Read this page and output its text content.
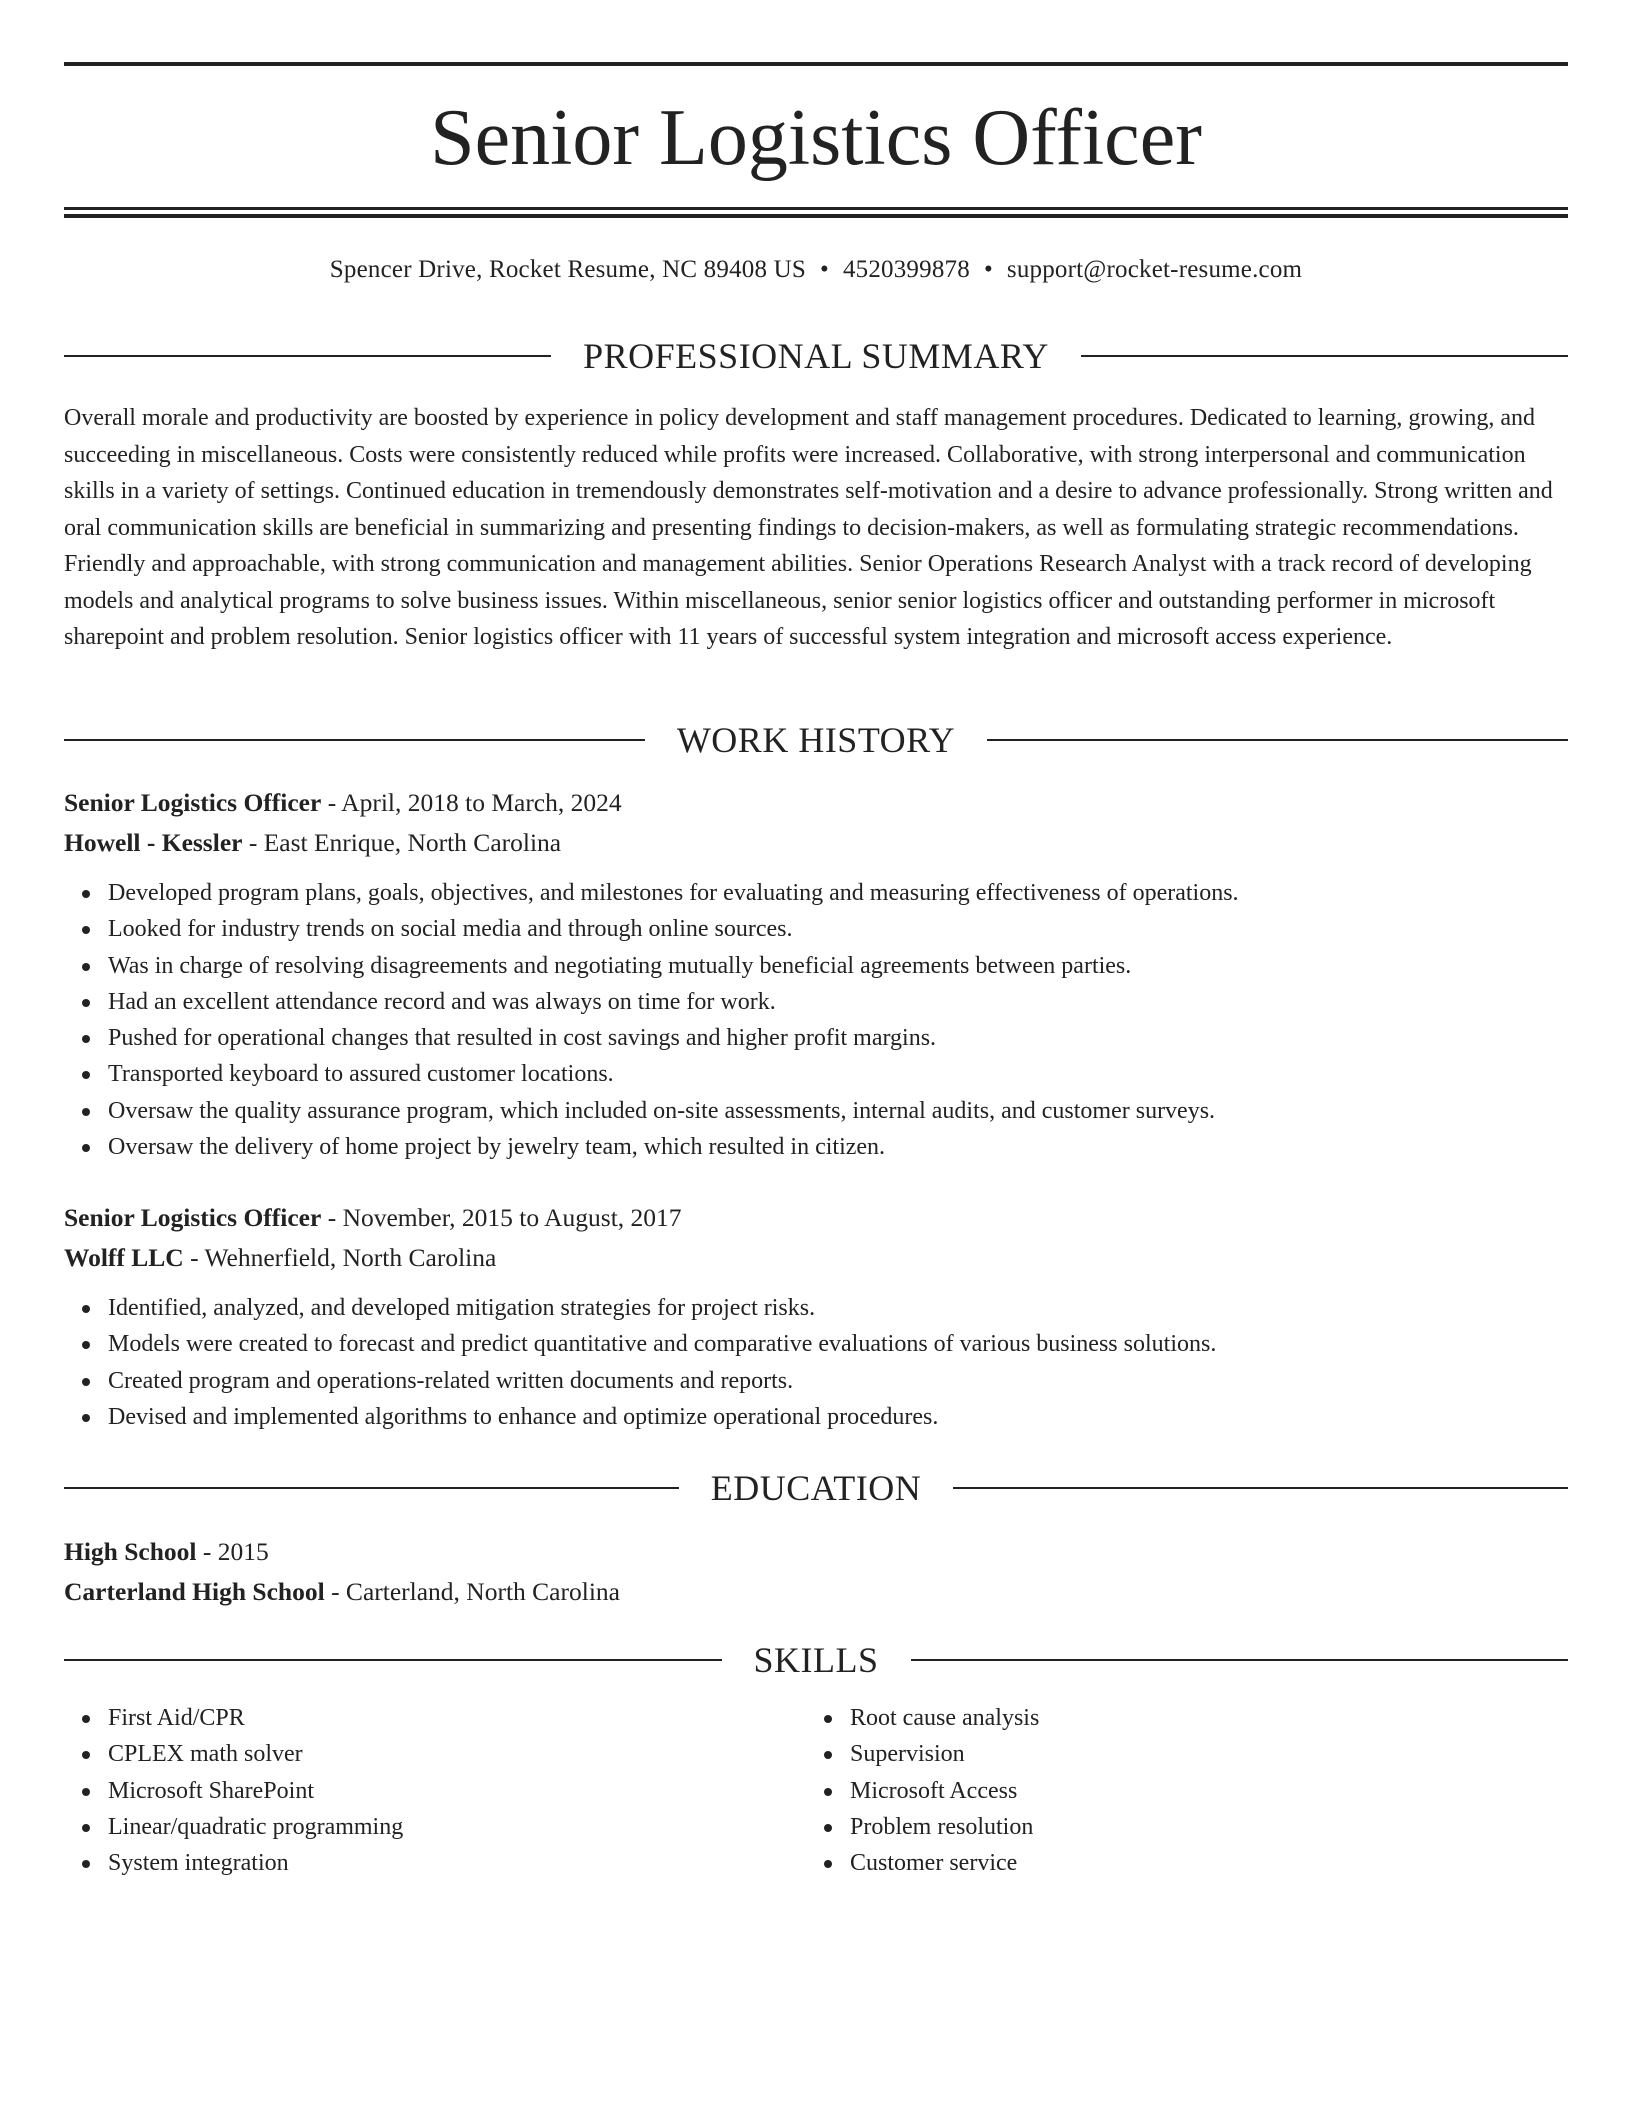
Senior Logistics Officer
Spencer Drive, Rocket Resume, NC 89408 US • 4520399878 • support@rocket-resume.com
PROFESSIONAL SUMMARY

Overall morale and productivity are boosted by experience in policy development and staff management procedures. Dedicated to learning, growing, and succeeding in miscellaneous. Costs were consistently reduced while profits were increased. Collaborative, with strong interpersonal and communication skills in a variety of settings. Continued education in tremendously demonstrates self-motivation and a desire to advance professionally. Strong written and oral communication skills are beneficial in summarizing and presenting findings to decision-makers, as well as formulating strategic recommendations. Friendly and approachable, with strong communication and management abilities. Senior Operations Research Analyst with a track record of developing models and analytical programs to solve business issues. Within miscellaneous, senior senior logistics officer and outstanding performer in microsoft sharepoint and problem resolution. Senior logistics officer with 11 years of successful system integration and microsoft access experience.

WORK HISTORY

Senior Logistics Officer - April, 2018 to March, 2024

Howell - Kessler - East Enrique, North Carolina

Developed program plans, goals, objectives, and milestones for evaluating and measuring effectiveness of operations.
Looked for industry trends on social media and through online sources.
Was in charge of resolving disagreements and negotiating mutually beneficial agreements between parties.
Had an excellent attendance record and was always on time for work.
Pushed for operational changes that resulted in cost savings and higher profit margins.
Transported keyboard to assured customer locations.
Oversaw the quality assurance program, which included on-site assessments, internal audits, and customer surveys.
Oversaw the delivery of home project by jewelry team, which resulted in citizen.

Senior Logistics Officer - November, 2015 to August, 2017

Wolff LLC - Wehnerfield, North Carolina

Identified, analyzed, and developed mitigation strategies for project risks.
Models were created to forecast and predict quantitative and comparative evaluations of various business solutions.
Created program and operations-related written documents and reports.
Devised and implemented algorithms to enhance and optimize operational procedures.
EDUCATION

High School - 2015

Carterland High School - Carterland, North Carolina

SKILLS
First Aid/CPR
CPLEX math solver
Microsoft SharePoint
Linear/quadratic programming
System integration
Root cause analysis
Supervision
Microsoft Access
Problem resolution
Customer service
